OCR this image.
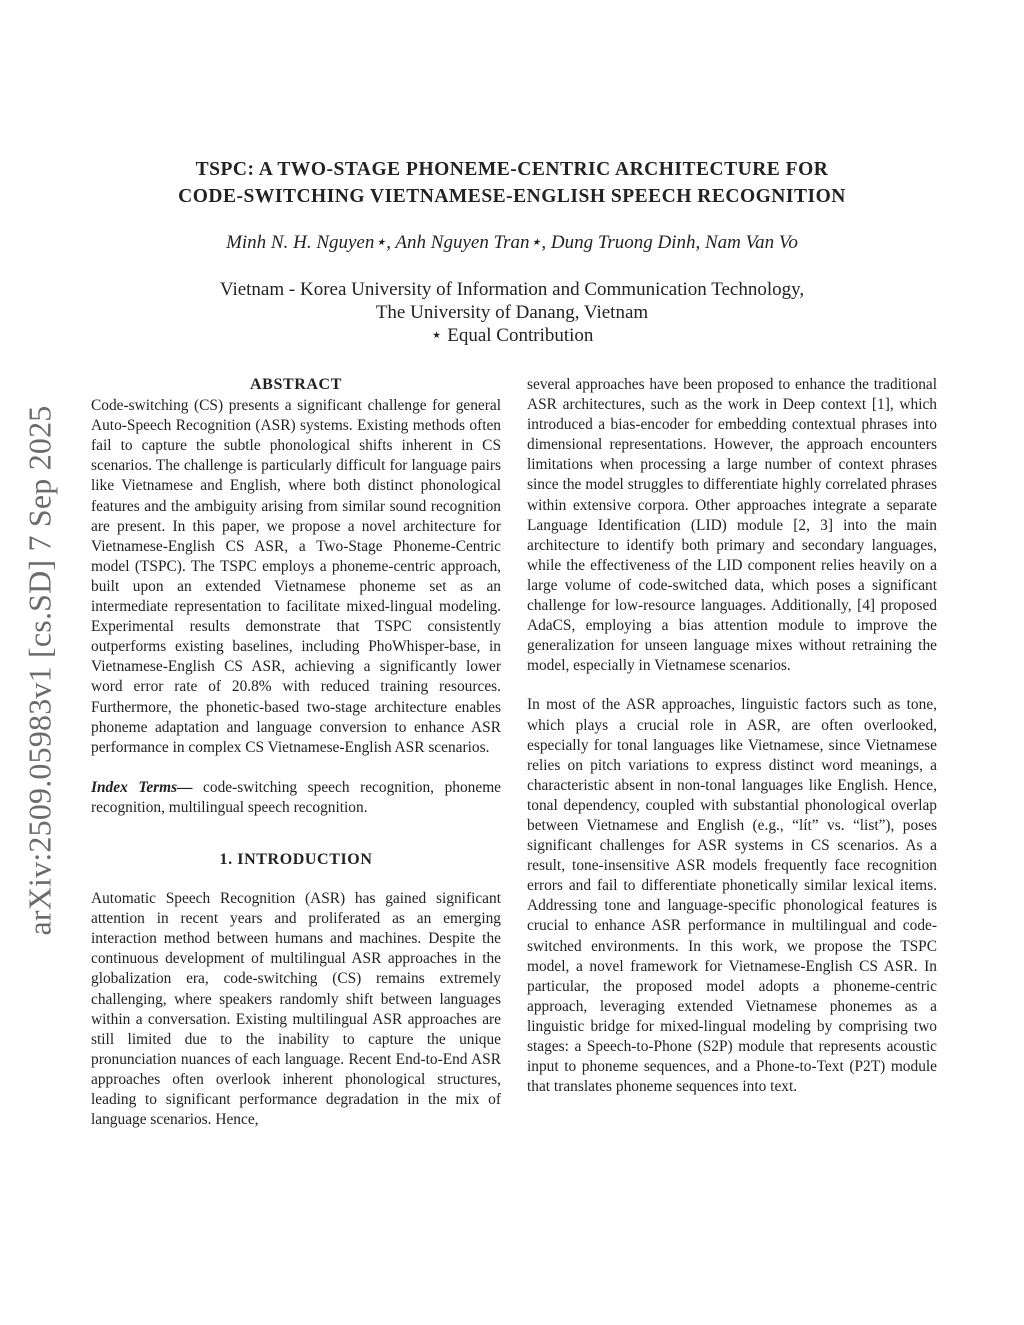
arXiv:2509.05983v1 [cs.SD] 7 Sep 2025
TSPC: A TWO-STAGE PHONEME-CENTRIC ARCHITECTURE FOR
CODE-SWITCHING VIETNAMESE-ENGLISH SPEECH RECOGNITION
Minh N. H. Nguyen⋆, Anh Nguyen Tran⋆, Dung Truong Dinh, Nam Van Vo
Vietnam - Korea University of Information and Communication Technology,
The University of Danang, Vietnam
⋆ Equal Contribution
ABSTRACT

Code-switching (CS) presents a significant challenge for general Auto-Speech Recognition (ASR) systems. Existing methods often fail to capture the subtle phonological shifts inherent in CS scenarios. The challenge is particularly difficult for language pairs like Vietnamese and English, where both distinct phonological features and the ambiguity arising from similar sound recognition are present. In this paper, we propose a novel architecture for Vietnamese-English CS ASR, a Two-Stage Phoneme-Centric model (TSPC). The TSPC employs a phoneme-centric approach, built upon an extended Vietnamese phoneme set as an intermediate representation to facilitate mixed-lingual modeling. Experimental results demonstrate that TSPC consistently outperforms existing baselines, including PhoWhisper-base, in Vietnamese-English CS ASR, achieving a significantly lower word error rate of 20.8% with reduced training resources. Furthermore, the phonetic-based two-stage architecture enables phoneme adaptation and language conversion to enhance ASR performance in complex CS Vietnamese-English ASR scenarios.

Index Terms— code-switching speech recognition, phoneme recognition, multilingual speech recognition.

1. INTRODUCTION

Automatic Speech Recognition (ASR) has gained significant attention in recent years and proliferated as an emerging interaction method between humans and machines. Despite the continuous development of multilingual ASR approaches in the globalization era, code-switching (CS) remains extremely challenging, where speakers randomly shift between languages within a conversation. Existing multilingual ASR approaches are still limited due to the inability to capture the unique pronunciation nuances of each language. Recent End-to-End ASR approaches often overlook inherent phonological structures, leading to significant performance degradation in the mix of language scenarios. Hence,

several approaches have been proposed to enhance the traditional ASR architectures, such as the work in Deep context [1], which introduced a bias-encoder for embedding contextual phrases into dimensional representations. However, the approach encounters limitations when processing a large number of context phrases since the model struggles to differentiate highly correlated phrases within extensive corpora. Other approaches integrate a separate Language Identification (LID) module [2, 3] into the main architecture to identify both primary and secondary languages, while the effectiveness of the LID component relies heavily on a large volume of code-switched data, which poses a significant challenge for low-resource languages. Additionally, [4] proposed AdaCS, employing a bias attention module to improve the generalization for unseen language mixes without retraining the model, especially in Vietnamese scenarios.

In most of the ASR approaches, linguistic factors such as tone, which plays a crucial role in ASR, are often overlooked, especially for tonal languages like Vietnamese, since Vietnamese relies on pitch variations to express distinct word meanings, a characteristic absent in non-tonal languages like English. Hence, tonal dependency, coupled with substantial phonological overlap between Vietnamese and English (e.g., “lít” vs. “list”), poses significant challenges for ASR systems in CS scenarios. As a result, tone-insensitive ASR models frequently face recognition errors and fail to differentiate phonetically similar lexical items. Addressing tone and language-specific phonological features is crucial to enhance ASR performance in multilingual and code-switched environments. In this work, we propose the TSPC model, a novel framework for Vietnamese-English CS ASR. In particular, the proposed model adopts a phoneme-centric approach, leveraging extended Vietnamese phonemes as a linguistic bridge for mixed-lingual modeling by comprising two stages: a Speech-to-Phone (S2P) module that represents acoustic input to phoneme sequences, and a Phone-to-Text (P2T) module that translates phoneme sequences into text.
